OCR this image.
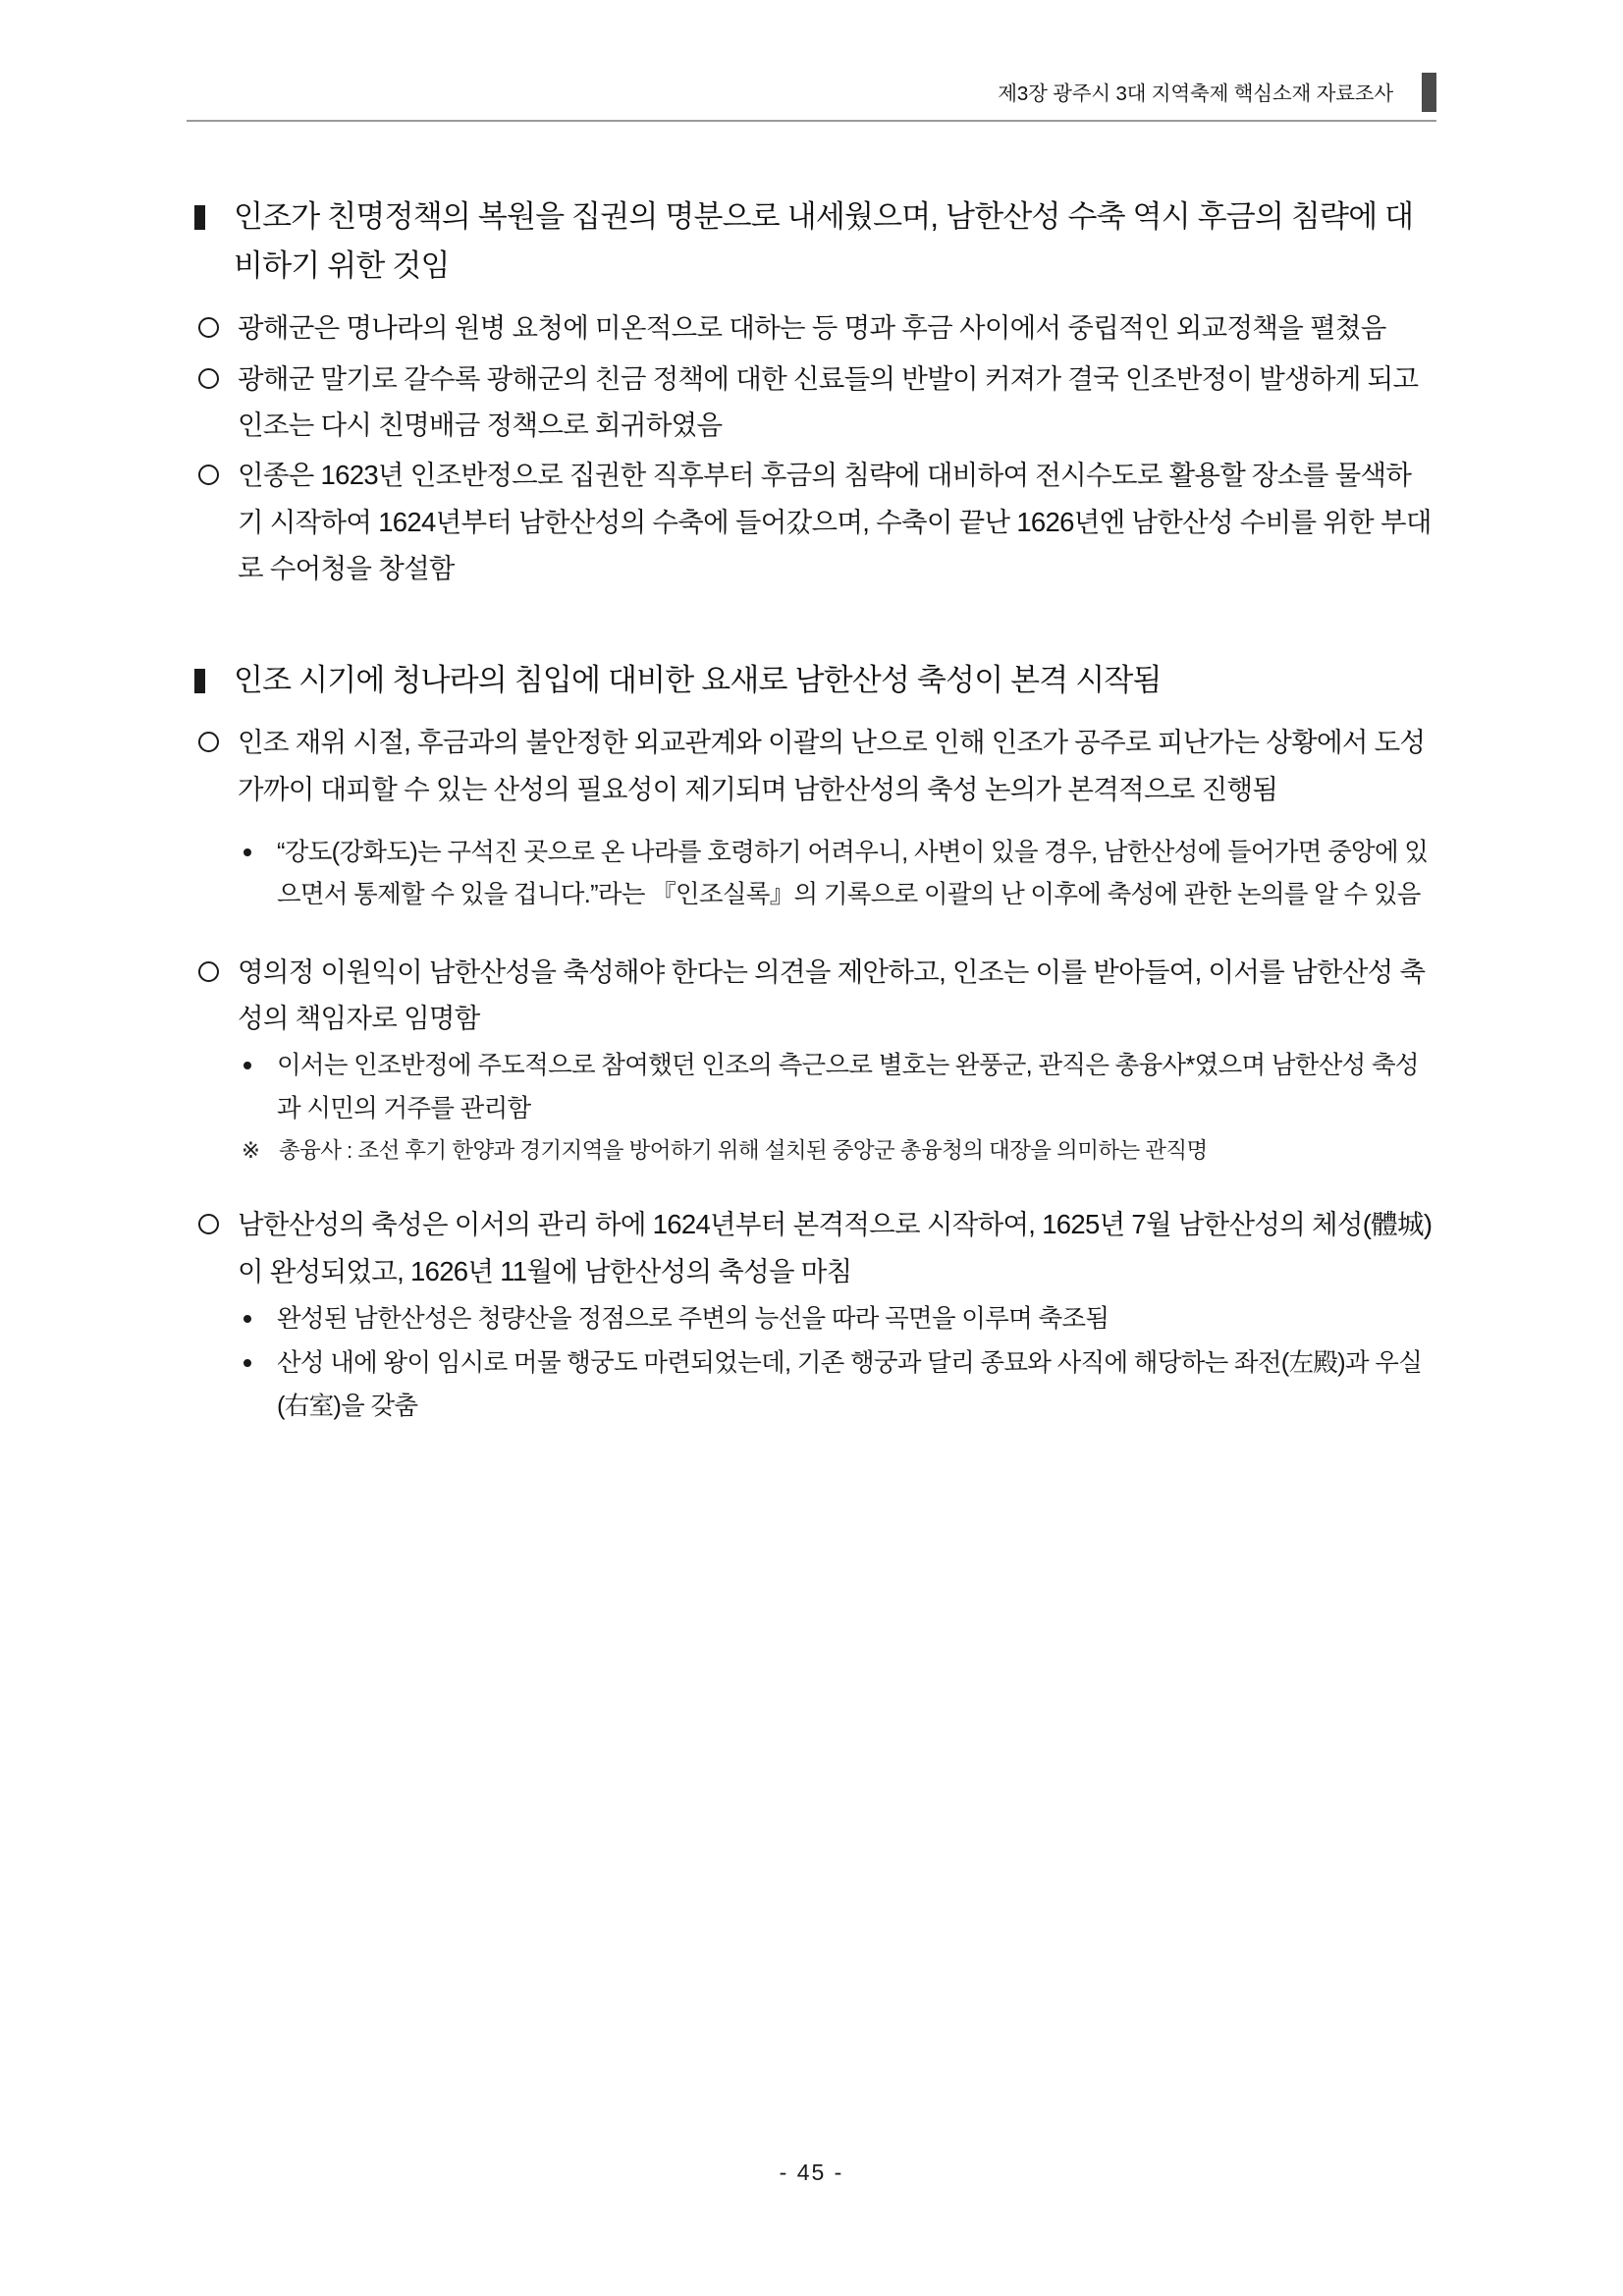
제3장 광주시 3대 지역축제 핵심소재 자료조사
인조가 친명정책의 복원을 집권의 명분으로 내세웠으며, 남한산성 수축 역시 후금의 침략에 대비하기 위한 것임
광해군은 명나라의 원병 요청에 미온적으로 대하는 등 명과 후금 사이에서 중립적인 외교정책을 펼쳤음
광해군 말기로 갈수록 광해군의 친금 정책에 대한 신료들의 반발이 커져가 결국 인조반정이 발생하게 되고 인조는 다시 친명배금 정책으로 회귀하였음
인종은 1623년 인조반정으로 집권한 직후부터 후금의 침략에 대비하여 전시수도로 활용할 장소를 물색하기 시작하여 1624년부터 남한산성의 수축에 들어갔으며, 수축이 끝난 1626년엔 남한산성 수비를 위한 부대로 수어청을 창설함
인조 시기에 청나라의 침입에 대비한 요새로 남한산성 축성이 본격 시작됨
인조 재위 시절, 후금과의 불안정한 외교관계와 이괄의 난으로 인해 인조가 공주로 피난가는 상황에서 도성 가까이 대피할 수 있는 산성의 필요성이 제기되며 남한산성의 축성 논의가 본격적으로 진행됨
“강도(강화도)는 구석진 곳으로 온 나라를 호령하기 어려우니, 사변이 있을 경우, 남한산성에 들어가면 중앙에 있으면서 통제할 수 있을 겁니다.”라는 『인조실록』의 기록으로 이괄의 난 이후에 축성에 관한 논의를 알 수 있음
영의정 이원익이 남한산성을 축성해야 한다는 의견을 제안하고, 인조는 이를 받아들여, 이서를 남한산성 축성의 책임자로 임명함
이서는 인조반정에 주도적으로 참여했던 인조의 측근으로 별호는 완풍군, 관직은 총융사*였으며 남한산성 축성과 시민의 거주를 관리함
※ 총융사 : 조선 후기 한양과 경기지역을 방어하기 위해 설치된 중앙군 총융청의 대장을 의미하는 관직명
남한산성의 축성은 이서의 관리 하에 1624년부터 본격적으로 시작하여, 1625년 7월 남한산성의 체성(體城)이 완성되었고, 1626년 11월에 남한산성의 축성을 마침
완성된 남한산성은 청량산을 정점으로 주변의 능선을 따라 곡면을 이루며 축조됨
산성 내에 왕이 임시로 머물 행궁도 마련되었는데, 기존 행궁과 달리 종묘와 사직에 해당하는 좌전(左殿)과 우실(右室)을 갖춤
- 45 -
